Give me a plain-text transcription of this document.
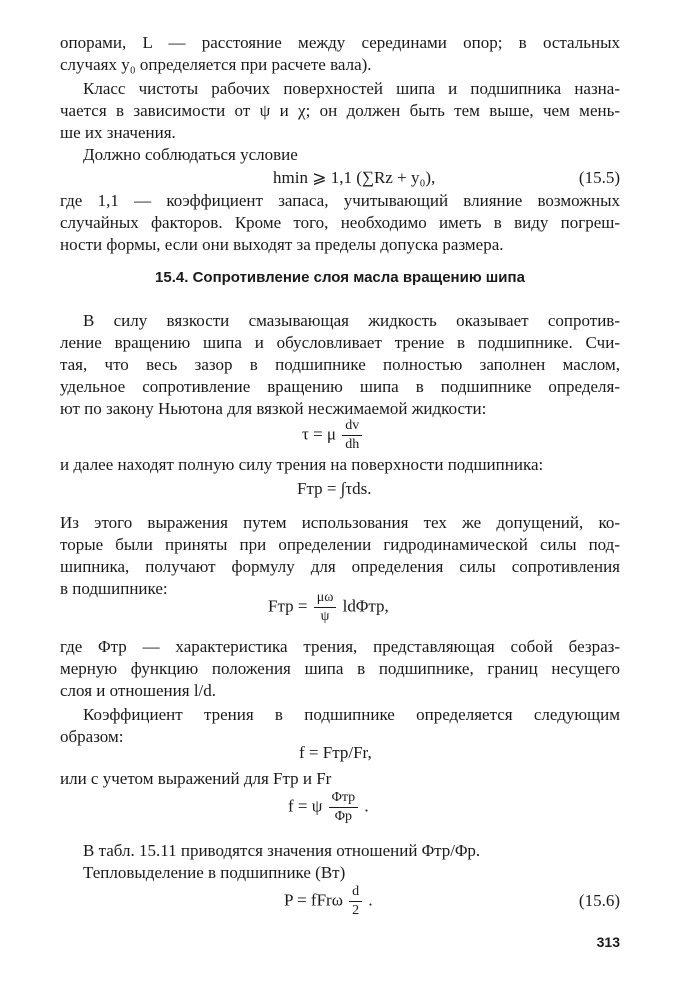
опорами, L — расстояние между серединами опор; в остальных
случаях y₀ определяется при расчете вала).
Класс чистоты рабочих поверхностей шипа и подшипника назна-
чается в зависимости от ψ и χ; он должен быть тем выше, чем мень-
ше их значения.
Должно соблюдаться условие
hmin ⩾ 1,1 (∑Rz + y₀),	(15.5)
где 1,1 — коэффициент запаса, учитывающий влияние возможных
случайных факторов. Кроме того, необходимо иметь в виду погреш-
ности формы, если они выходят за пределы допуска размера.
15.4. Сопротивление слоя масла вращению шипа
В силу вязкости смазывающая жидкость оказывает сопротив-
ление вращению шипа и обусловливает трение в подшипнике. Счи-
тая, что весь зазор в подшипнике полностью заполнен маслом,
удельное сопротивление вращению шипа в подшипнике определя-
ют по закону Ньютона для вязкой несжимаемой жидкости:
τ = μ $\frac{dv}{dh}$
и далее находят полную силу трения на поверхности подшипника:
Fтр = ∫τds.
Из этого выражения путем использования тех же допущений, ко-
торые были приняты при определении гидродинамической силы под-
шипника, получают формулу для определения силы сопротивления
в подшипнике:
Fтр = $\frac{\mu\omega}{\psi} ld\Phi тр$,
где Φтр — характеристика трения, представляющая собой безраз-
мерную функцию положения шипа в подшипнике, границ несущего
слоя и отношения l/d.
Коэффициент трения в подшипнике определяется следующим
образом:
f = Fтр/Fr,
или с учетом выражений для Fтр и Fr
f = ψ $\frac{\text{Φтр}}{\Phi p}$ .
В табл. 15.11 приводятся значения отношений Φтр/Φp.
Тепловыделение в подшипнике (Вт)
P = fFrω $\frac{d}{2}$ .	(15.6)
313
